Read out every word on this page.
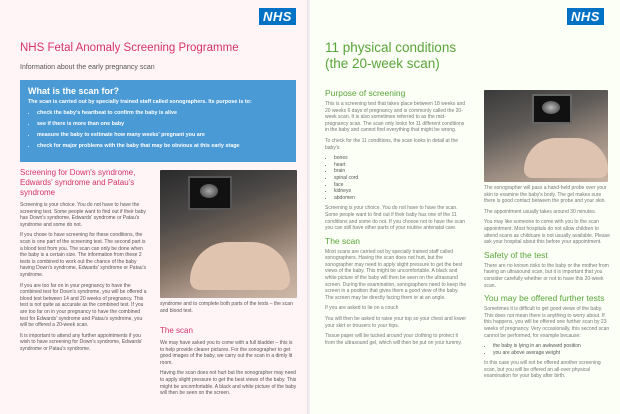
NHS
NHS Fetal Anomaly Screening Programme
Information about the early pregnancy scan
What is the scan for?
The scan is carried out by specially trained staff called sonographers. Its purpose is to:
• check the baby's heartbeat to confirm the baby is alive
• see if there is more than one baby
• measure the baby to estimate how many weeks' pregnant you are
• check for major problems with the baby that may be obvious at this early stage
Screening for Down's syndrome, Edwards' syndrome and Patau's syndrome

Screening is your choice. You do not have to have the screening test. Some people want to find out if their baby has Down's syndrome, Edwards' syndrome or Patau's syndrome and some do not.

If you chose to have screening for these conditions, the scan is one part of the screening test. The second part is a blood test from you. The scan can only be done when the baby is a certain size. The information from these 2 tests is combined to work out the chance of the baby having Down's syndrome, Edwards' syndrome or Patau's syndrome.

If you are too far on in your pregnancy to have the combined test for Down's syndrome, you will be offered a blood test between 14 and 20 weeks of pregnancy. This test is not quite as accurate as the combined test. If you are too far on in your pregnancy to have the combined test for Edwards' syndrome and Patau's syndrome, you will be offered a 20-week scan.

It is important to attend any further appointments if you wish to have screening for Down's syndrome, Edwards' syndrome or Patau's syndrome.

syndrome and to complete both parts of the tests – the scan and blood test.
The scan

We may have asked you to come with a full bladder – this is to help provide clearer pictures. For the sonographer to get good images of the baby, we carry out the scan in a dimly lit room.

Having the scan does not hurt but the sonographer may need to apply slight pressure to get the best views of the baby. This might be uncomfortable. A black and white picture of the baby will then be seen on the screen.

NHS
11 physical conditions
(the 20-week scan)
Purpose of screening

This is a screening test that takes place between 18 weeks and 20 weeks 6 days of pregnancy and is commonly called the 20-week scan. It is also sometimes referred to as the mid-pregnancy scan. The scan only looks for 11 different conditions in the baby and cannot find everything that might be wrong.

To check for the 11 conditions, the scan looks in detail at the baby's:

• bones
• heart
• brain
• spinal cord
• face
• kidneys
• abdomen

Screening is your choice. You do not have to have the scan. Some people want to find out if their baby has one of the 11 conditions and some do not. If you choose not to have the scan you can still have other parts of your routine antenatal care.

The scan

Most scans are carried out by specially trained staff called sonographers. Having the scan does not hurt, but the sonographer may need to apply slight pressure to get the best views of the baby. This might be uncomfortable. A black and white picture of the baby will then be seen on the ultrasound screen. During the examination, sonographers need to keep the screen in a position that gives them a good view of the baby. The screen may be directly facing them or at an angle.

If you are asked to lie on a couch

You will then be asked to raise your top so your chest and lower your skirt or trousers to your hips.

Tissue paper will be tucked around your clothing to protect it from the ultrasound gel, which will then be put on your tummy.

The sonographer will pass a hand-held probe over your skin to examine the baby's body. The gel makes sure there is good contact between the probe and your skin.

The appointment usually takes around 30 minutes.

You may like someone to come with you to the scan appointment. Most hospitals do not allow children to attend scans as childcare is not usually available. Please ask your hospital about this before your appointment.

Safety of the test

There are no known risks to the baby or the mother from having an ultrasound scan, but it is important that you consider carefully whether or not to have this 20-week scan.

You may be offered further tests

Sometimes it is difficult to get good views of the baby. This does not mean there is anything to worry about. If this happens, you will be offered one further scan by 23 weeks of pregnancy. Very occasionally, this second scan cannot be performed, for example because:

• the baby is lying in an awkward position
• you are above average weight

In this case you will not be offered another screening scan, but you will be offered an all-over physical examination for your baby after birth.
